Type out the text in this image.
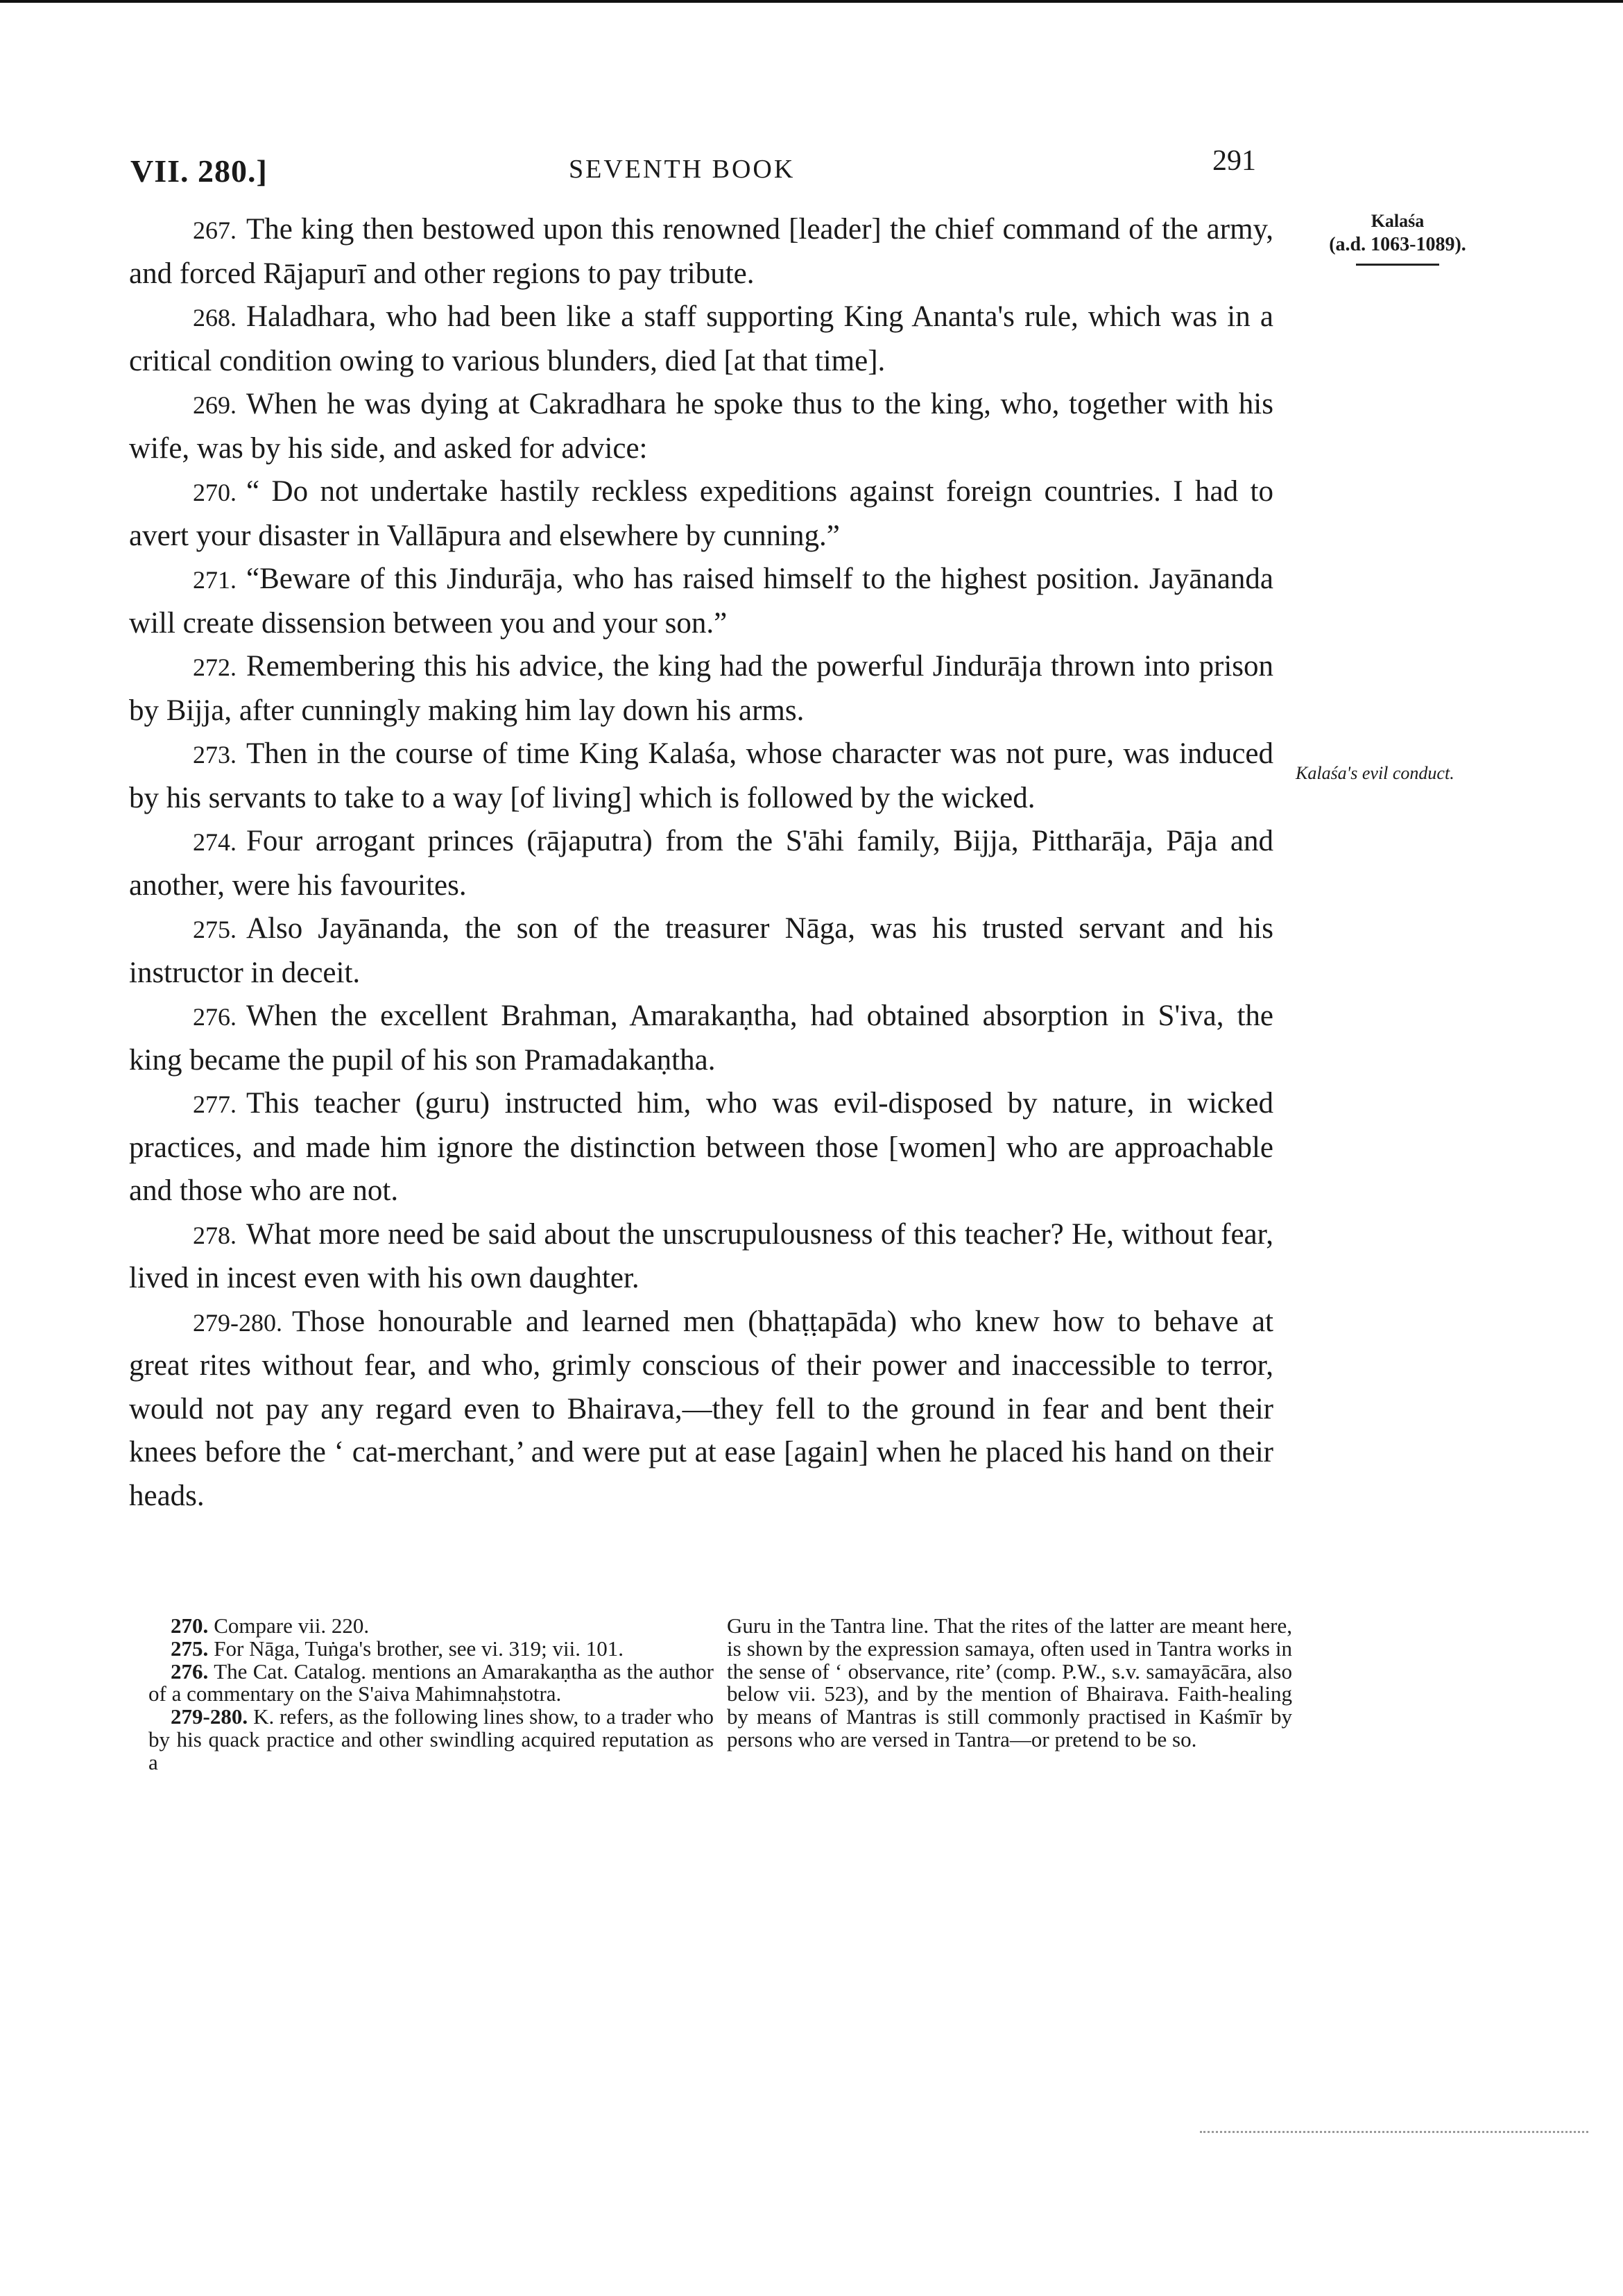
VII. 280.]	SEVENTH BOOK	291
Kalaśa
(a.d. 1063-1089).
Kalaśa's evil conduct.

267. The king then bestowed upon this renowned [leader] the chief command of the army, and forced Rājapurī and other regions to pay tribute.

268. Haladhara, who had been like a staff supporting King Ananta's rule, which was in a critical condition owing to various blunders, died [at that time].

269. When he was dying at Cakradhara he spoke thus to the king, who, together with his wife, was by his side, and asked for advice:

270. “ Do not undertake hastily reckless expeditions against foreign countries. I had to avert your disaster in Vallāpura and elsewhere by cunning.”

271. “Beware of this Jindurāja, who has raised himself to the highest position. Jayānanda will create dissension between you and your son.”

272. Remembering this his advice, the king had the powerful Jindurāja thrown into prison by Bijja, after cunningly making him lay down his arms.

273. Then in the course of time King Kalaśa, whose character was not pure, was induced by his servants to take to a way [of living] which is followed by the wicked.

274. Four arrogant princes (rājaputra) from the S'āhi family, Bijja, Pittharāja, Pāja and another, were his favourites.

275. Also Jayānanda, the son of the treasurer Nāga, was his trusted servant and his instructor in deceit.

276. When the excellent Brahman, Amarakaṇtha, had obtained absorption in S'iva, the king became the pupil of his son Pramadakaṇtha.

277. This teacher (guru) instructed him, who was evil-disposed by nature, in wicked practices, and made him ignore the distinction between those [women] who are approachable and those who are not.

278. What more need be said about the unscrupulousness of this teacher? He, without fear, lived in incest even with his own daughter.

279-280. Those honourable and learned men (bhaṭṭapāda) who knew how to behave at great rites without fear, and who, grimly conscious of their power and inaccessible to terror, would not pay any regard even to Bhairava,—they fell to the ground in fear and bent their knees before the ‘ cat-merchant,’ and were put at ease [again] when he placed his hand on their heads.

270. Compare vii. 220.

275. For Nāga, Tuṅga's brother, see vi. 319; vii. 101.

276. The Cat. Catalog. mentions an Amarakaṇtha as the author of a commentary on the S'aiva Mahimnaḥstotra.

279-280. K. refers, as the following lines show, to a trader who by his quack practice and other swindling acquired reputation as a

Guru in the Tantra line. That the rites of the latter are meant here, is shown by the expression samaya, often used in Tantra works in the sense of ‘ observance, rite’ (comp. P.W., s.v. samayācāra, also below vii. 523), and by the mention of Bhairava. Faith-healing by means of Mantras is still commonly practised in Kaśmīr by persons who are versed in Tantra—or pretend to be so.
